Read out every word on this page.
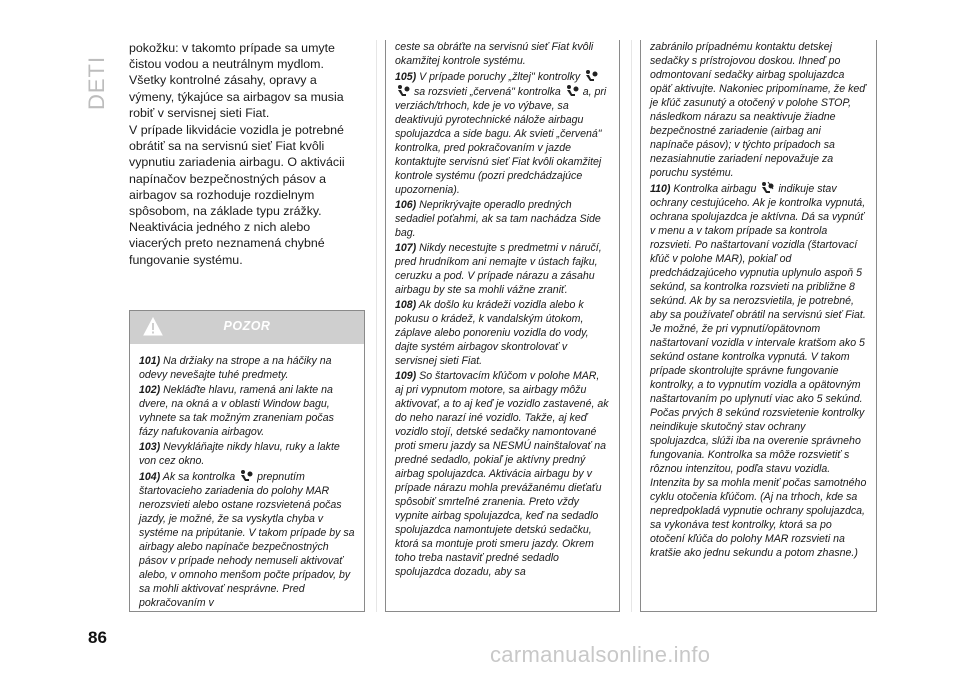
DETI

pokožku: v takomto prípade sa umyte čistou vodou a neutrálnym mydlom. Všetky kontrolné zásahy, opravy a výmeny, týkajúce sa airbagov sa musia robiť v servisnej sieti Fiat.

V prípade likvidácie vozidla je potrebné obrátiť sa na servisnú sieť Fiat kvôli vypnutiu zariadenia airbagu. O aktivácii napínačov bezpečnostných pásov a airbagov sa rozhoduje rozdielnym spôsobom, na základe typu zrážky. Neaktivácia jedného z nich alebo viacerých preto neznamená chybné fungovanie systému.

POZOR
101) Na držiaky na strope a na háčiky na odevy nevešajte tuhé predmety.
102) Nekláďte hlavu, ramená ani lakte na dvere, na okná a v oblasti Window bagu, vyhnete sa tak možným zraneniam počas fázy nafukovania airbagov.
103) Nevykláňajte nikdy hlavu, ruky a lakte von cez okno.
104) Ak sa kontrolka prepnutím štartovacieho zariadenia do polohy MAR nerozsvieti alebo ostane rozsvietená počas jazdy, je možné, že sa vyskytla chyba v systéme na pripútanie. V takom prípade by sa airbagy alebo napínače bezpečnostných pásov v prípade nehody nemuseli aktivovať alebo, v omnoho menšom počte prípadov, by sa mohli aktivovať nesprávne. Pred pokračovaním v
ceste sa obráťte na servisnú sieť Fiat kvôli okamžitej kontrole systému.
105) V prípade poruchy „žltej" kontrolky
sa rozsvieti „červená" kontrolka a, pri verziách/trhoch, kde je vo výbave, sa deaktivujú pyrotechnické náložе airbagu spolujazdca a side bagu. Ak svieti „červená" kontrolka, pred pokračovaním v jazde kontaktujte servisnú sieť Fiat kvôli okamžitej kontrole systému (pozri predchádzajúce upozornenia).
106) Neprikrývajte operadlo predných sedadiel poťahmi, ak sa tam nachádza Side bag.
107) Nikdy necestujte s predmetmi v náručí, pred hrudníkom ani nemajte v ústach fajku, ceruzku a pod. V prípade nárazu a zásahu airbagu by ste sa mohli vážne zraniť.
108) Ak došlo ku krádeži vozidla alebo k pokusu o krádež, k vandalským útokom, záplave alebo ponoreniu vozidla do vody, dajte systém airbagov skontrolovať v servisnej sieti Fiat.
109) So štartovacím kľúčom v polohe MAR, aj pri vypnutom motore, sa airbagy môžu aktivovať, a to aj keď je vozidlo zastavené, ak do neho narazí iné vozidlo. Takže, aj keď vozidlo stojí, detské sedačky namontované proti smeru jazdy sa NESMÚ nainštalovať na predné sedadlo, pokiaľ je aktívny predný airbag spolujazdca. Aktivácia airbagu by v prípade nárazu mohla prevážanému dieťaťu spôsobiť smrteľné zranenia. Preto vždy vypnite airbag spolujazdca, keď na sedadlo spolujazdca namontujete detskú sedačku, ktorá sa montuje proti smeru jazdy. Okrem toho treba nastaviť predné sedadlo spolujazdca dozadu, aby sa
zabránilo prípadnému kontaktu detskej sedačky s prístrojovou doskou. Ihneď po odmontovaní sedačky airbag spolujazdca opäť aktivujte. Nakoniec pripomíname, že keď je kľúč zasunutý a otočený v polohe STOP, následkom nárazu sa neaktivuje žiadne bezpečnostné zariadenie (airbag ani napínače pásov); v týchto prípadoch sa nezasiahnutie zariadení nepovažuje za poruchu systému.
110) Kontrolka airbagu indikuje stav ochrany cestujúceho. Ak je kontrolka vypnutá, ochrana spolujazdca je aktívna. Dá sa vypnúť v menu a v takom prípade sa kontrola rozsvieti. Po naštartovaní vozidla (štartovací kľúč v polohe MAR), pokiaľ od predchádzajúceho vypnutia uplynulo aspoň 5 sekúnd, sa kontrolka rozsvieti na približne 8 sekúnd. Ak by sa nerozsvietila, je potrebné, aby sa používateľ obrátil na servisnú sieť Fiat. Je možné, že pri vypnutí/opätovnom naštartovaní vozidla v intervale kratšom ako 5 sekúnd ostane kontrolka vypnutá. V takom prípade skontrolujte správne fungovanie kontrolky, a to vypnutím vozidla a opätovným naštartovaním po uplynutí viac ako 5 sekúnd. Počas prvých 8 sekúnd rozsvietenie kontrolky neindikuje skutočný stav ochrany spolujazdca, slúži iba na overenie správneho fungovania. Kontrolka sa môže rozsvietiť s rôznou intenzitou, podľa stavu vozidla. Intenzita by sa mohla meniť počas samotného cyklu otočenia kľúčom. (Aj na trhoch, kde sa nepredpokladá vypnutie ochrany spolujazdca, sa vykonáva test kontrolky, ktorá sa po otočení kľúča do polohy MAR rozsvieti na kratšie ako jednu sekundu a potom zhasne.)
86
carmanualsonline.info
